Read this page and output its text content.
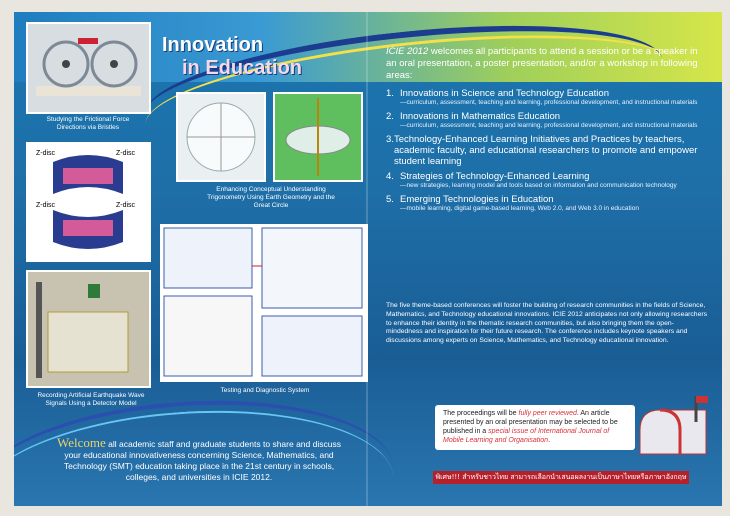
Studying the Frictional Force Directions via Bristles
Z-disc	Z-disc
Z-disc	Z-disc
Sarcomere Model
Recording Artificial Earthquake Wave Signals Using a Detector Model
Innovation
in Education
Enhancing Conceptual Understanding Trigonometry Using Earth Geometry and the Great Circle
Testing and Diagnostic System
Welcome all academic staff and graduate students to share and discuss your educational innovativeness concerning Science, Mathematics, and Technology (SMT) education taking place in the 21st century in schools, colleges, and universities in ICIE 2012.
ICIE 2012 welcomes all participants to attend a session or be a speaker in an oral presentation, a poster presentation, and/or a workshop in following areas:
1. Innovations in Science and Technology Education
—curriculum, assessment, teaching and learning, professional development, and instructional materials
2. Innovations in Mathematics Education
—curriculum, assessment, teaching and learning, professional development, and instructional materials
3. Technology-Enhanced Learning Initiatives and Practices by teachers, academic faculty, and educational researchers to promote and empower student learning
4. Strategies of Technology-Enhanced Learning
—new strategies, learning model and tools based on information and communication technology
5. Emerging Technologies in Education
—mobile learning, digital game-based learning, Web 2.0, and Web 3.0 in education
The five theme-based conferences will foster the building of research communities in the fields of Science, Mathematics, and Technology educational innovations. ICIE 2012 anticipates not only allowing researchers to enhance their identity in the thematic research communities, but also bringing them the open-mindedness and inspiration for their future research. The conference includes keynote speakers and discussions among experts on Science, Mathematics, and Technology educational innovation.
The proceedings will be fully peer reviewed. An article presented by an oral presentation may be selected to be published in a special issue of International Journal of Mobile Learning and Organisation.
พิเศษ!!! สำหรับชาวไทย สามารถเลือกนำเสนอผลงานเป็นภาษาไทยหรือภาษาอังกฤษ
